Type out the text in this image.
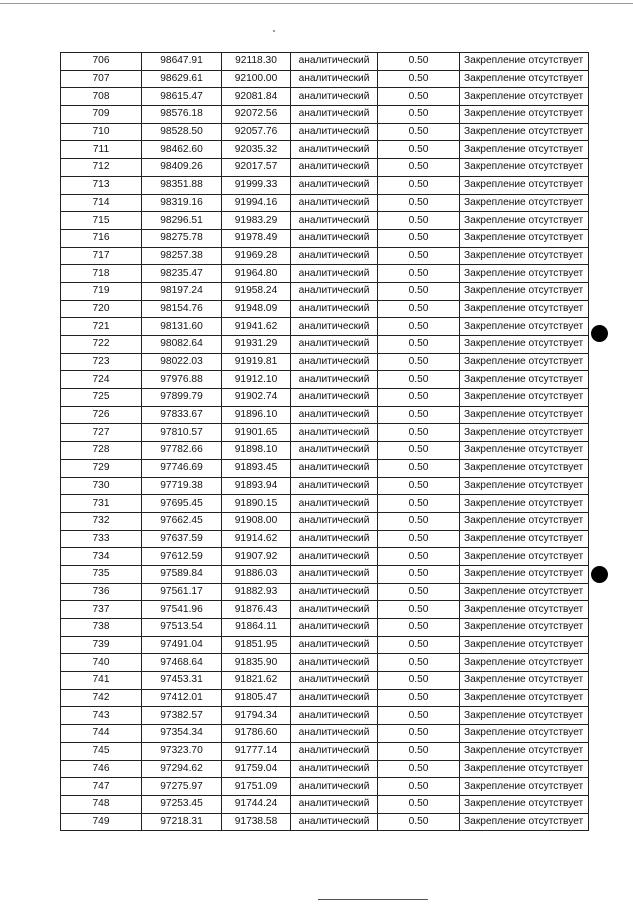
706	98647.91	92118.30	аналитический	0.50	Закрепление отсутствует
707	98629.61	92100.00	аналитический	0.50	Закрепление отсутствует
708	98615.47	92081.84	аналитический	0.50	Закрепление отсутствует
709	98576.18	92072.56	аналитический	0.50	Закрепление отсутствует
710	98528.50	92057.76	аналитический	0.50	Закрепление отсутствует
711	98462.60	92035.32	аналитический	0.50	Закрепление отсутствует
712	98409.26	92017.57	аналитический	0.50	Закрепление отсутствует
713	98351.88	91999.33	аналитический	0.50	Закрепление отсутствует
714	98319.16	91994.16	аналитический	0.50	Закрепление отсутствует
715	98296.51	91983.29	аналитический	0.50	Закрепление отсутствует
716	98275.78	91978.49	аналитический	0.50	Закрепление отсутствует
717	98257.38	91969.28	аналитический	0.50	Закрепление отсутствует
718	98235.47	91964.80	аналитический	0.50	Закрепление отсутствует
719	98197.24	91958.24	аналитический	0.50	Закрепление отсутствует
720	98154.76	91948.09	аналитический	0.50	Закрепление отсутствует
721	98131.60	91941.62	аналитический	0.50	Закрепление отсутствует
722	98082.64	91931.29	аналитический	0.50	Закрепление отсутствует
723	98022.03	91919.81	аналитический	0.50	Закрепление отсутствует
724	97976.88	91912.10	аналитический	0.50	Закрепление отсутствует
725	97899.79	91902.74	аналитический	0.50	Закрепление отсутствует
726	97833.67	91896.10	аналитический	0.50	Закрепление отсутствует
727	97810.57	91901.65	аналитический	0.50	Закрепление отсутствует
728	97782.66	91898.10	аналитический	0.50	Закрепление отсутствует
729	97746.69	91893.45	аналитический	0.50	Закрепление отсутствует
730	97719.38	91893.94	аналитический	0.50	Закрепление отсутствует
731	97695.45	91890.15	аналитический	0.50	Закрепление отсутствует
732	97662.45	91908.00	аналитический	0.50	Закрепление отсутствует
733	97637.59	91914.62	аналитический	0.50	Закрепление отсутствует
734	97612.59	91907.92	аналитический	0.50	Закрепление отсутствует
735	97589.84	91886.03	аналитический	0.50	Закрепление отсутствует
736	97561.17	91882.93	аналитический	0.50	Закрепление отсутствует
737	97541.96	91876.43	аналитический	0.50	Закрепление отсутствует
738	97513.54	91864.11	аналитический	0.50	Закрепление отсутствует
739	97491.04	91851.95	аналитический	0.50	Закрепление отсутствует
740	97468.64	91835.90	аналитический	0.50	Закрепление отсутствует
741	97453.31	91821.62	аналитический	0.50	Закрепление отсутствует
742	97412.01	91805.47	аналитический	0.50	Закрепление отсутствует
743	97382.57	91794.34	аналитический	0.50	Закрепление отсутствует
744	97354.34	91786.60	аналитический	0.50	Закрепление отсутствует
745	97323.70	91777.14	аналитический	0.50	Закрепление отсутствует
746	97294.62	91759.04	аналитический	0.50	Закрепление отсутствует
747	97275.97	91751.09	аналитический	0.50	Закрепление отсутствует
748	97253.45	91744.24	аналитический	0.50	Закрепление отсутствует
749	97218.31	91738.58	аналитический	0.50	Закрепление отсутствует
